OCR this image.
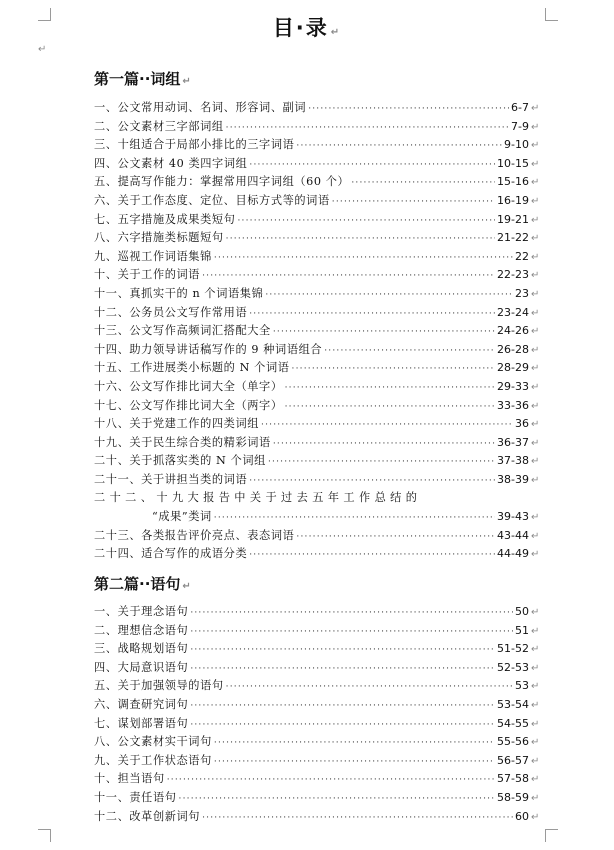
目·录 ↵
↵
第一篇··词组 ↵
一、公文常用动词、名词、形容词、副词 ·····	6-7 ↵
二、公文素材三字部词组 ·····	7-9 ↵
三、十组适合于局部小排比的三字词语 ·····	9-10 ↵
四、公文素材 40 类四字词组 ·····	10-15 ↵
五、提高写作能力：掌握常用四字词组（60 个） ·····	15-16 ↵
六、关于工作态度、定位、目标方式等的词语 ·····	16-19 ↵
七、五字措施及成果类短句 ·····	19-21 ↵
八、六字措施类标题短句 ·····	21-22 ↵
九、巡视工作词语集锦 ·····	22 ↵
十、关于工作的词语 ·····	22-23 ↵
十一、真抓实干的 n 个词语集锦 ·····	23 ↵
十二、公务员公文写作常用语 ·····	23-24 ↵
十三、公文写作高频词汇搭配大全 ·····	24-26 ↵
十四、助力领导讲话稿写作的 9 种词语组合 ·····	26-28 ↵
十五、工作进展类小标题的 N 个词语 ·····	28-29 ↵
十六、公文写作排比词大全（单字） ·····	29-33 ↵
十七、公文写作排比词大全（两字） ·····	33-36 ↵
十八、关于党建工作的四类词组 ·····	36 ↵
十九、关于民生综合类的精彩词语 ·····	36-37 ↵
二十、关于抓落实类的 N 个词组 ·····	37-38 ↵
二十一、关于讲担当类的词语 ·····	38-39 ↵
二十二、十九大报告中关于过去五年工作总结的
“成果”类词 ·····	39-43 ↵
二十三、各类报告评价亮点、表态词语 ·····	43-44 ↵
二十四、适合写作的成语分类 ·····	44-49 ↵
第二篇··语句 ↵
一、关于理念语句 ·····	50 ↵
二、理想信念语句 ·····	51 ↵
三、战略规划语句 ·····	51-52 ↵
四、大局意识语句 ·····	52-53 ↵
五、关于加强领导的语句 ·····	53 ↵
六、调查研究词句 ·····	53-54 ↵
七、谋划部署语句 ·····	54-55 ↵
八、公文素材实干词句 ·····	55-56 ↵
九、关于工作状态语句 ·····	56-57 ↵
十、担当语句 ·····	57-58 ↵
十一、责任语句 ·····	58-59 ↵
十二、改革创新词句 ·····	60 ↵
